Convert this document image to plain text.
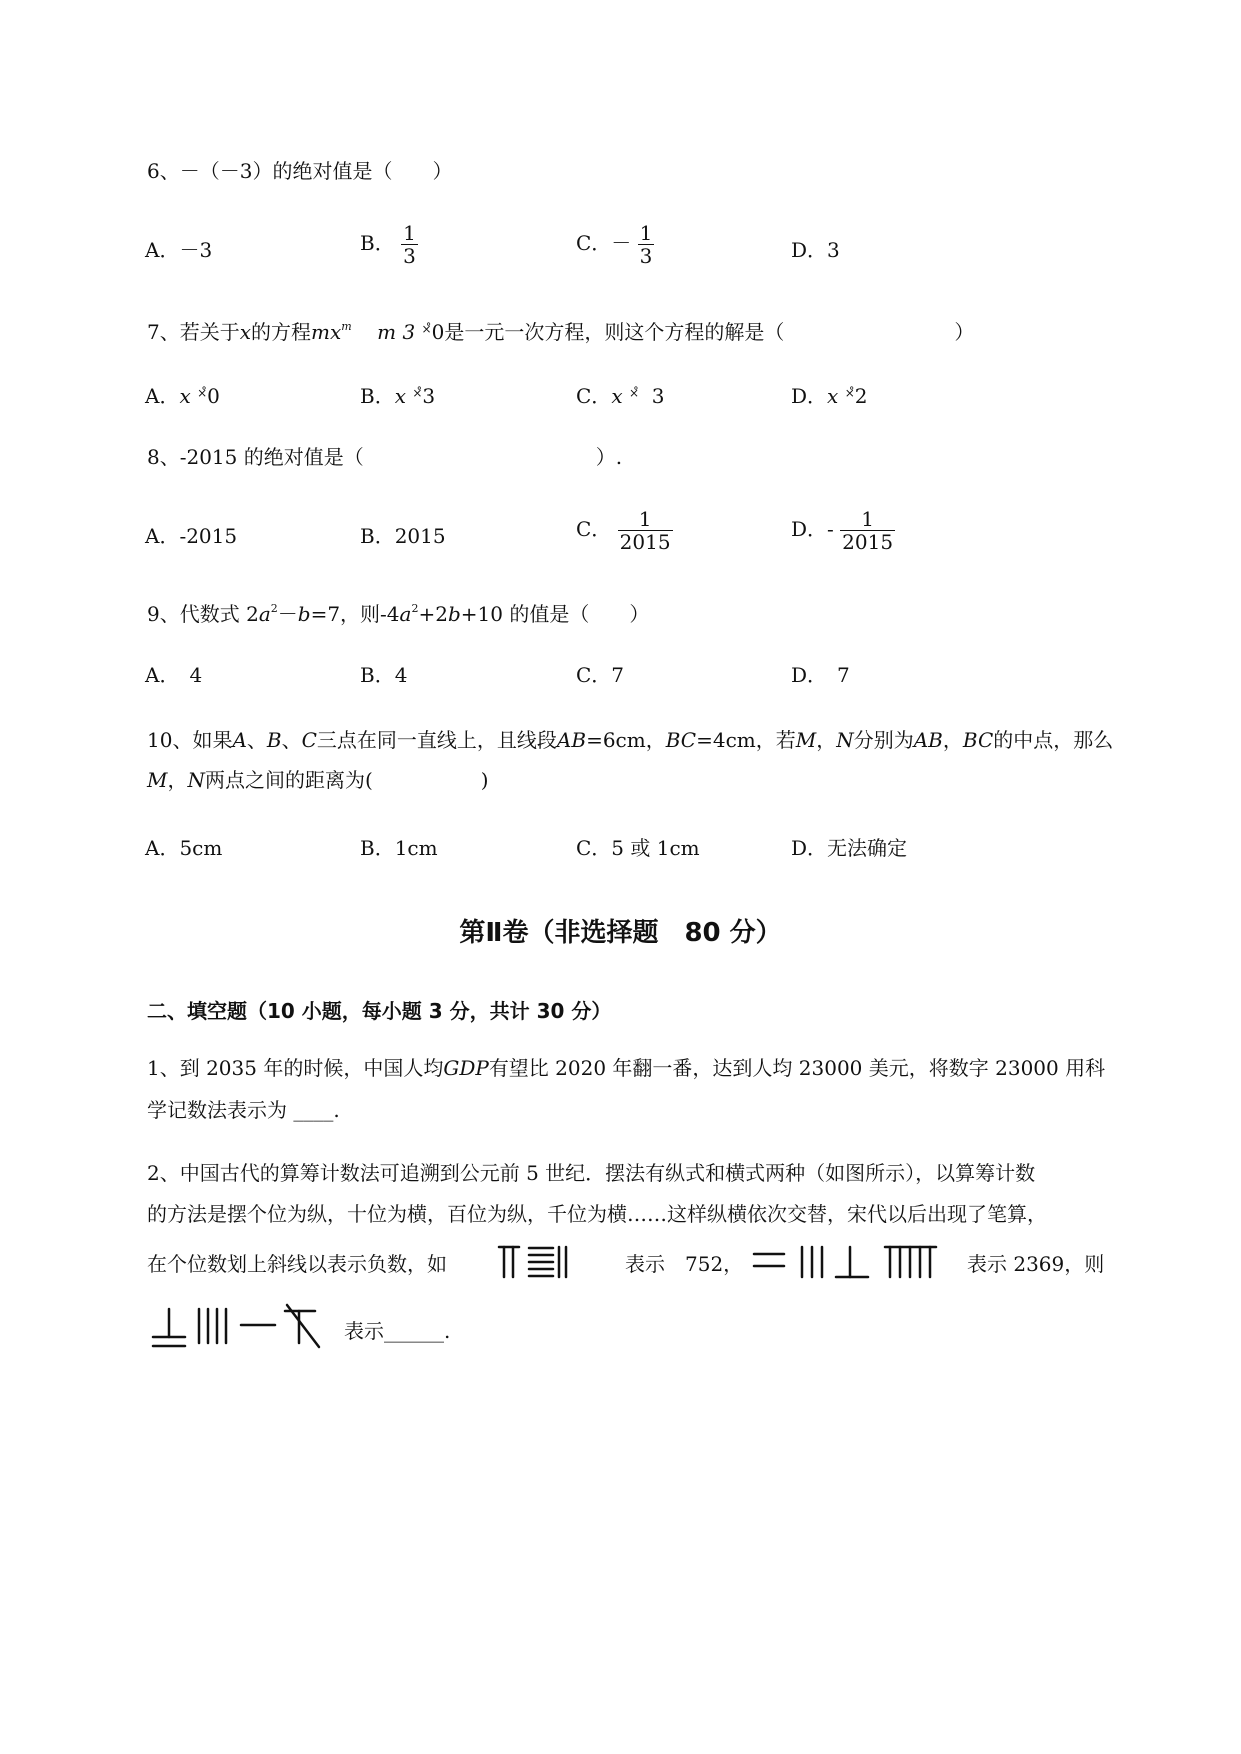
6、－（－3）的绝对值是（　　）
A．－3	B． $\frac{1}{3}$	C．－ $\frac{1}{3}$	D．3
7、若关于x的方程$mx^m$ m 3 ×̊0是一元一次方程，则这个方程的解是（	）
A．x ×̊0	B．x ×̊3	C．x ×̊ 3	D．x ×̊2
8、-2015 的绝对值是（	）.
A．-2015	B．2015	C． $\frac{1}{2015}$	D．- $\frac{1}{2015}$
9、代数式 $2a^2-b=7$，则$-4a^2+2b+10$ 的值是（　　）
A．　4	B．4	C．7	D．　7
10、如果A、B、C三点在同一直线上，且线段AB=6cm，BC=4cm，若M，N分别为AB，BC的中点，那么
M，N两点之间的距离为(	)
A．5cm	B．1cm	C．5 或 1cm	D．无法确定
第Ⅱ卷（非选择题　80 分）
二、填空题（10 小题，每小题 3 分，共计 30 分）
1、到 2035 年的时候，中国人均GDP有望比 2020 年翻一番，达到人均 23000 美元，将数字 23000 用科
学记数法表示为 ____.
2、中国古代的算筹计数法可追溯到公元前 5 世纪．摆法有纵式和横式两种（如图所示），以算筹计数
的方法是摆个位为纵，十位为横，百位为纵，千位为横……这样纵横依次交替，宋代以后出现了笔算，
在个位数划上斜线以表示负数，如	表示　752，	表示 2369，则
表示______.
